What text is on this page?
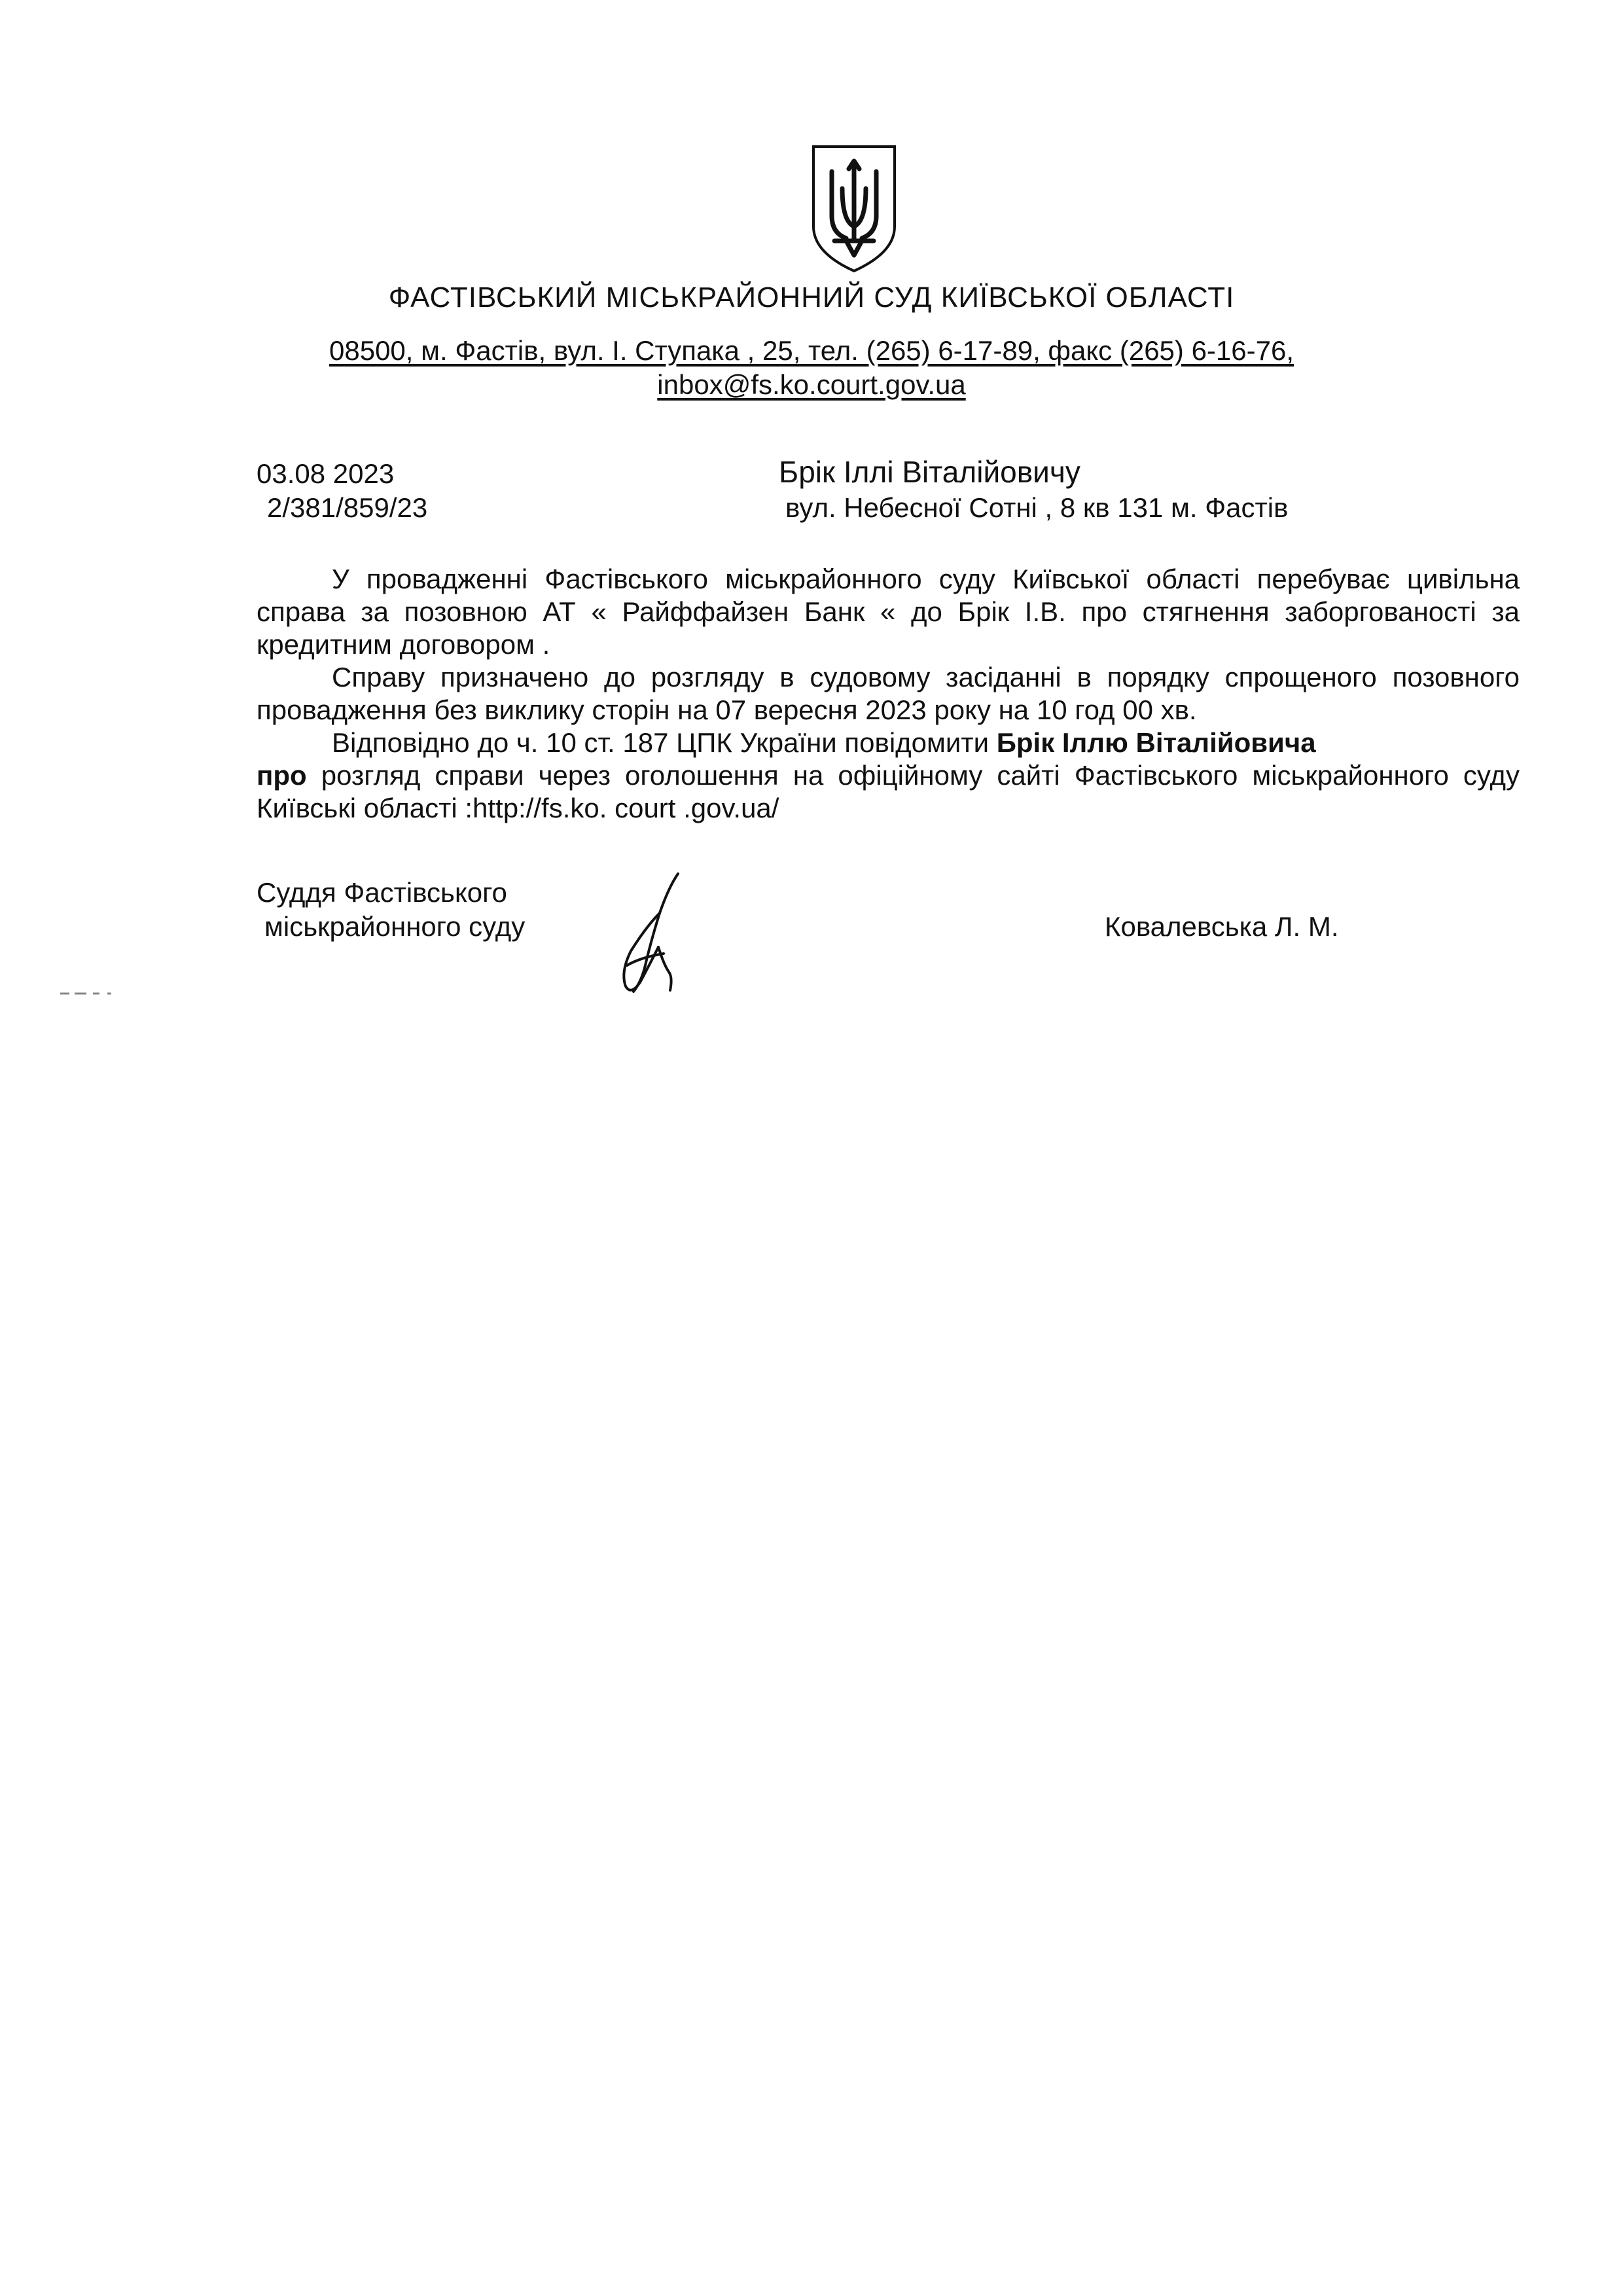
ФАСТІВСЬКИЙ МІСЬКРАЙОННИЙ СУД КИЇВСЬКОЇ ОБЛАСТІ
08500, м. Фастів, вул. І. Ступака , 25, тел. (265) 6-17-89, факс (265) 6-16-76,
inbox@fs.ko.court.gov.ua
03.08 2023
2/381/859/23
Брік Іллі Віталійовичу
вул. Небесної Сотні , 8 кв 131 м. Фастів

У провадженні Фастівського міськрайонного суду Київської області перебуває цивільна справа за позовною АТ « Райффайзен Банк « до Брік І.В. про стягнення заборгованості за кредитним договором .

Справу призначено до розгляду в судовому засіданні в порядку спрощеного позовного провадження без виклику сторін на 07 вересня 2023 року на 10 год 00 хв.

Відповідно до ч. 10 ст. 187 ЦПК України повідомити Брік Іллю Віталійовича
про розгляд справи через оголошення на офіційному сайті Фастівського міськрайонного суду Київські області :http://fs.ko. court .gov.ua/

Суддя Фастівського
міськрайонного суду	Ковалевська Л. М.
